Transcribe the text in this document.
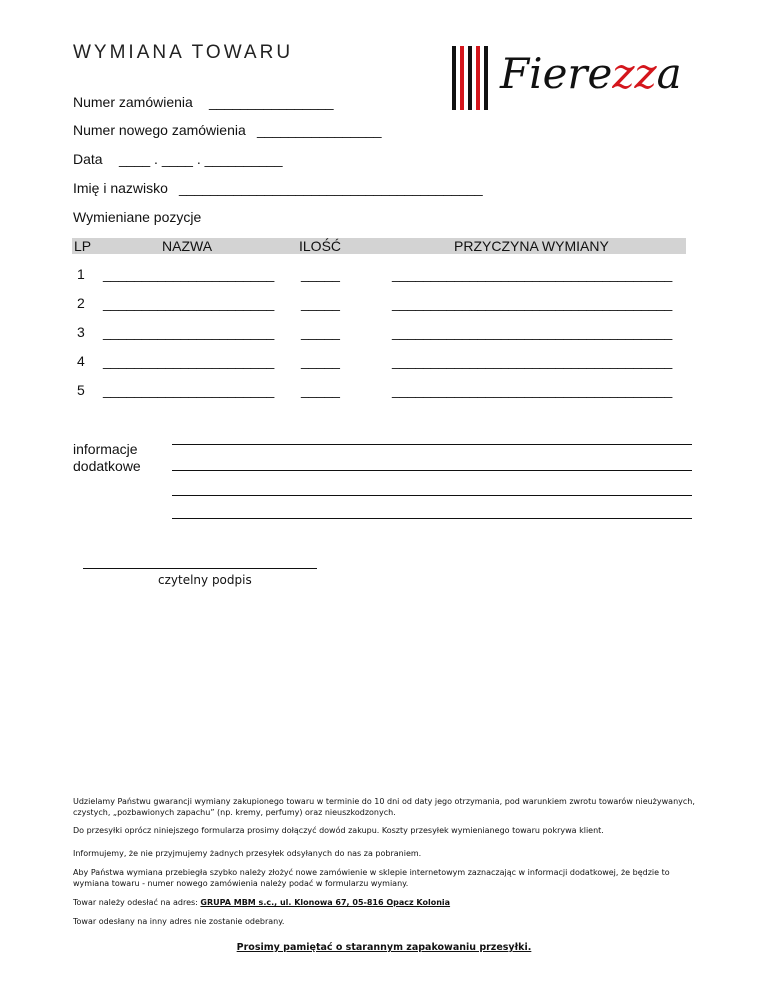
WYMIANA TOWARU	Fierezza
Numer zamówienia ________________
Numer nowego zamówienia ________________
Data ____ . ____ . __________
Imię i nazwisko _______________________________________
Wymieniane pozycje
LP	NAZWA	ILOŚĆ	PRZYCZYNA WYMIANY
1 ______________________ _____	____________________________________
2 ______________________ _____	____________________________________
3 ______________________ _____	____________________________________
4 ______________________ _____	____________________________________
5 ______________________ _____	____________________________________
informacje
dodatkowe
czytelny podpis
Udzielamy Państwu gwarancji wymiany zakupionego towaru w terminie do 10 dni od daty jego otrzymania, pod warunkiem zwrotu towarów nieużywanych, czystych, „pozbawionych zapachu” (np. kremy, perfumy) oraz nieuszkodzonych.
Do przesyłki oprócz niniejszego formularza prosimy dołączyć dowód zakupu. Koszty przesyłek wymienianego towaru pokrywa klient.
Informujemy, że nie przyjmujemy żadnych przesyłek odsyłanych do nas za pobraniem.
Aby Państwa wymiana przebiegła szybko należy złożyć nowe zamówienie w sklepie internetowym zaznaczając w informacji dodatkowej, że będzie to wymiana towaru - numer nowego zamówienia należy podać w formularzu wymiany.
Towar należy odesłać na adres: GRUPA MBM s.c., ul. Klonowa 67, 05-816 Opacz Kolonia
Towar odesłany na inny adres nie zostanie odebrany.
Prosimy pamiętać o starannym zapakowaniu przesyłki.
